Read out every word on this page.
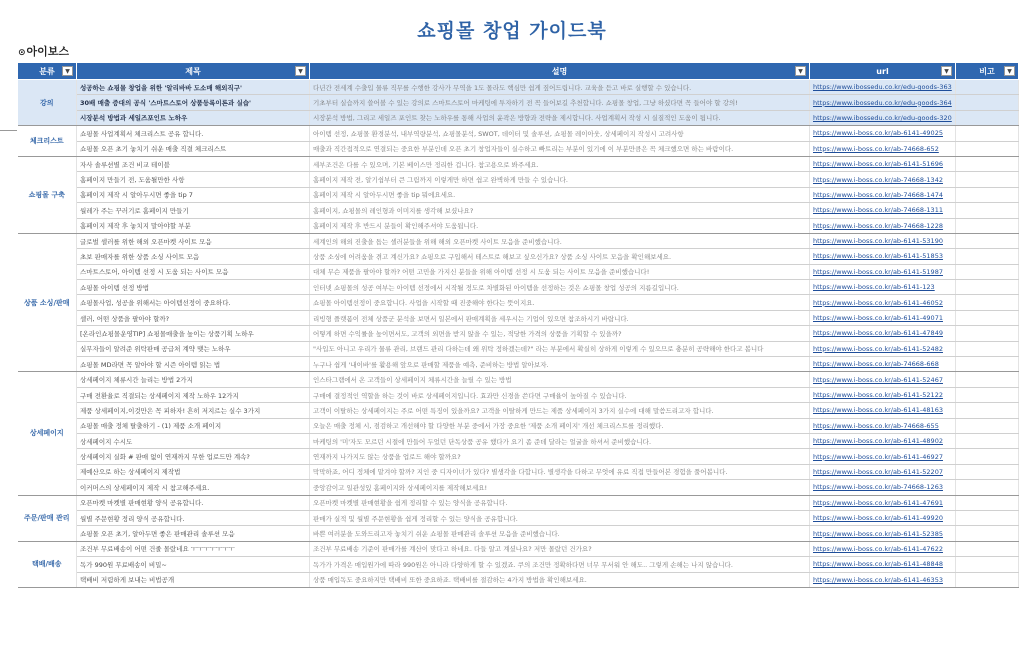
쇼핑몰 창업 가이드북
⊙아이보스
분류 ▼	제목 ▼	설명 ▼	url ▼	비고 ▼

강의	성공하는 쇼핑몰 창업을 위한 '알리바바 도소매 해외직구'	다년간 전세계 수출입 물류 직무를 수행한 강사가 무역을 1도 몰라도 핵심만 쉽게 짚어드립니다. 교육을 듣고 바로 실행할 수 있습니다.	https://www.ibossedu.co.kr/edu-goods-363	
	30배 매출 증대의 공식 '스마트스토어 상품등록이론과 실습'	기초부터 실습까지 쓸어볼 수 있는 강의로 스마트스토어 마케팅에 투자하기 전 꼭 들어보길 추천합니다. 쇼핑몰 창업, 그냥 하셨다면 꼭 들어야 할 강의!	https://www.ibossedu.co.kr/edu-goods-364	
	시장분석 방법과 세일즈포인트 노하우	시장분석 방법, 그리고 세일즈 포인트 찾는 노하우를 통해 사업의 윤곽은 방향과 전략을 제시합니다. 사업계획서 작성 시 실질적인 도움이 됩니다.	https://www.ibossedu.co.kr/edu-goods-320	
체크리스트	쇼핑몰 사업계획서 체크리스트 공유 합니다.	아이템 선정, 쇼핑몰 환경분석, 내부역량분석, 쇼핑몰분석, SWOT, 데이터 및 솔루션, 쇼핑몰 레이아웃, 상세페이지 작성시 고려사항	https://www.i-boss.co.kr/ab-6141-49025	
	쇼핑몰 오픈 초기 놓치기 쉬운 매출 직결 체크리스트	매출과 직간접적으로 연결되는 중요한 부분인데 오픈 초기 창업자들이 실수하고 빠트리는 부분이 있기에 이 부분만큼은 꼭 체크했으면 하는 바람이다.	https://www.i-boss.co.kr/ab-74668-652	
쇼핑몰 구축	자사 솔루션별 조건 비교 테이블	세부조건은 다를 수 있으며, 기본 베이스만 정리한 겁니다. 참고용으로 봐주세요.	https://www.i-boss.co.kr/ab-6141-51696	
	홈페이지 만들기 전, 도움될만한 사항	홈페이지 제작 전, 알기쉽부터 큰 그림까지 이렇게만 하면 쉽고 완벽하게 만들 수 있습니다.	https://www.i-boss.co.kr/ab-74668-1342	
	홈페이지 제작 시 알아두시면 좋을 tip 7	홈페이지 제작 시 알아두시면 좋을 tip 뭐에요세요.	https://www.i-boss.co.kr/ab-74668-1474	
	월레가 주는 꾸러기로 홈페이지 만들기	홈페이지, 쇼핑몰의 레인형과 이미지를 생각해 보셨나요?	https://www.i-boss.co.kr/ab-74668-1311	
	홈페이지 제작 후 놓치지 말아야할 부분	홈페이지 제작 후 반드시 분들이 확인해주셔야 도움됩니다.	https://www.i-boss.co.kr/ab-74668-1228	
상품 소싱/판매	글로벌 셀러를 위한 해외 오픈마켓 사이트 모음	세계인의 해외 진출을 돕는 셀러분들을 위해 해외 오픈마켓 사이트 모음을 준비했습니다.	https://www.i-boss.co.kr/ab-6141-53190	
	초보 판매자를 위한 상품 소싱 사이트 모음	상품 소싱에 어려움을 겪고 계신가요? 쇼핑으로 구입해서 테스트로 해보고 싶으신가요? 상품 소싱 사이트 모음을 확인해보세요.	https://www.i-boss.co.kr/ab-6141-51853	
	스마트스토어, 아이템 선정 시 도움 되는 사이트 모음	대체 무슨 제품을 팔아야 할까? 어떤 고민을 가지신 분들을 위해 아이템 선정 시 도움 되는 사이트 모음을 준비했습니다!	https://www.i-boss.co.kr/ab-6141-51987	
	쇼핑몰 아이템 선정 방법	인터넷 쇼핑몰의 성공 여부는 아이템 선정에서 시작될 정도로 차별화된 아이템을 선정하는 것은 쇼핑몰 창업 성공의 지름길입니다.	https://www.i-boss.co.kr/ab-6141-123	
	쇼핑몰사업, 성공을 위해서는 아이템선정이 중요하다.	쇼핑몰 아이템선정이 중요합니다. 사업을 시작할 때 진중해야 한다는 뜻이지요.	https://www.i-boss.co.kr/ab-6141-46052	
	셀러, 어떤 상품을 팔아야 할까?	리빙형 플랫폼이 전체 상품군 분석을 보면서 일본에서 판매계획을 세우시는 기업이 있으면 참조하시기 바랍니다.	https://www.i-boss.co.kr/ab-6141-49071	
	[온라인쇼핑몰운영TIP] 쇼핑몰매출을 높이는 상품기획 노하우	어떻게 하면 수익률을 높이면서도, 고객의 외면을 받지 않을 수 있는, 적당한 가격의 상품을 기획할 수 있을까?	https://www.i-boss.co.kr/ab-6141-47849	
	실무자들이 알려준 위탁판매 공급처 계약 맺는 노하우	"사입도 아니고 우리가 물류 관리, 브랜드 관리 다하는데 왜 위탁 정하겠는데?" 라는 부분에서 확실히 상하게 이렇게 수 있으므로 충분히 공략해야 한다고 봅니다	https://www.i-boss.co.kr/ab-6141-52482	
	쇼핑몰 MD라면 꼭 알아야 할 시즌 아이템 읽는 법	누구나 쉽게 '내이바'를 활용해 앞으로 판매할 제품을 예측, 준비하는 방법 알아보자.	https://www.i-boss.co.kr/ab-74668-668	
상세페이지	상세페이지 체류시간 늘리는 방법 2가지	인스타그램에서 온 고객들이 상세페이지 체류시간을 늘릴 수 있는 방법	https://www.i-boss.co.kr/ab-6141-52467	
	구매 전환율로 직결되는 상세페이지 제작 노하우 12가지	구매에 결정적인 역할을 하는 것이 바로 상세페이지입니다. 효과만 신경을 쓴다면 구매율이 높아질 수 있습니다.	https://www.i-boss.co.kr/ab-6141-52122	
	제품 상세페이지,이것만은 꼭 피하자! 흔히 저지르는 실수 3가지	고객이 이탈하는 상세페이지는 주로 어떤 특징이 있을까요? 고객을 이탈하게 만드는 제품 상세페이지 3가지 실수에 대해 말씀드리고자 합니다.	https://www.i-boss.co.kr/ab-6141-48163	
	쇼핑몰 매출 정체 탈출하기 - (1) 제품 소개 페이지	오늘은 매출 정체 시, 점검하고 개선해야 할 다양한 부분 중에서 가장 중요한 '제품 소개 페이지' 개선 체크리스트를 정리했다.	https://www.i-boss.co.kr/ab-74668-655	
	상세페이지 수시도	마케팅의 '미'자도 모르던 시절에 만들어 두었던 단독상품 공유 했다가 요기 좀 준데 달라는 얼굴을 하셔서 준비했습니다.	https://www.i-boss.co.kr/ab-6141-48902	
	상세페이지 실화 # 판매 없이 연재까지 무한 업로드만 계속?	연재까지 나가지도 않는 상품을 업로드 해야 할까요?	https://www.i-boss.co.kr/ab-6141-46927	
	제예산으로 하는 상세페이지 제작법	막막하죠, 어디 정체에 맡겨야 할까? 지인 중 디자이너가 있다? 별생각을 다합니다. 별생각을 다하고 무엇에 유료 직접 만들어본 경험을 풀어봅니다.	https://www.i-boss.co.kr/ab-6141-52207	
	이커머스의 상세페이지 제작 시 참고해주세요.	중앙감이고 일관성있 홈페이지와 상세페이지를 제작해보세요!	https://www.i-boss.co.kr/ab-74668-1263	
주문/판매 관리	오픈마켓 마켓별 판매현황 양식 공유합니다.	오픈마켓 마켓별 판매현황을 쉽게 정리할 수 있는 양식을 공유합니다.	https://www.i-boss.co.kr/ab-6141-47691	
	월별 주문현황 정리 양식 공유합니다.	판매가 실적 및 월별 주문현황을 쉽게 정리할 수 있는 양식을 공유합니다.	https://www.i-boss.co.kr/ab-6141-49920	
	쇼핑몰 오픈 초기, 알아두면 좋은 판매관리 솔루션 모음	바쁜 여러분을 도와드리고자 놓치기 쉬운 쇼핑몰 판매관리 솔루션 모음을 준비했습니다.	https://www.i-boss.co.kr/ab-6141-52385	
택배/배송	조건부 무료배송이 어떤 건줄 몰랐네요 ㅜㅜㅜㅜㅜㅜㅜ	조건부 무료배송 기준이 판매가를 계산이 맞다고 하네요. 다들 알고 계셨나요? 저만 몰랐던 건가요?	https://www.i-boss.co.kr/ab-6141-47622	
	독가 990원 무료배송이 비밀~	독가가 가격은 매입원가에 따라 990원은 아니라 다양하게 할 수 있겠죠. 쿠의 조건만 정확하다면 너무 무서워 안 해도.. 그렇게 손해는 나지 않습니다.	https://www.i-boss.co.kr/ab-6141-48848	
	택배비 저렴하게 보내는 비법공개	상품 매입독도 중요하지만 택배비 또한 중요하죠. 택배비를 절감하는 4가지 방법을 확인해보세요.	https://www.i-boss.co.kr/ab-6141-46353	
